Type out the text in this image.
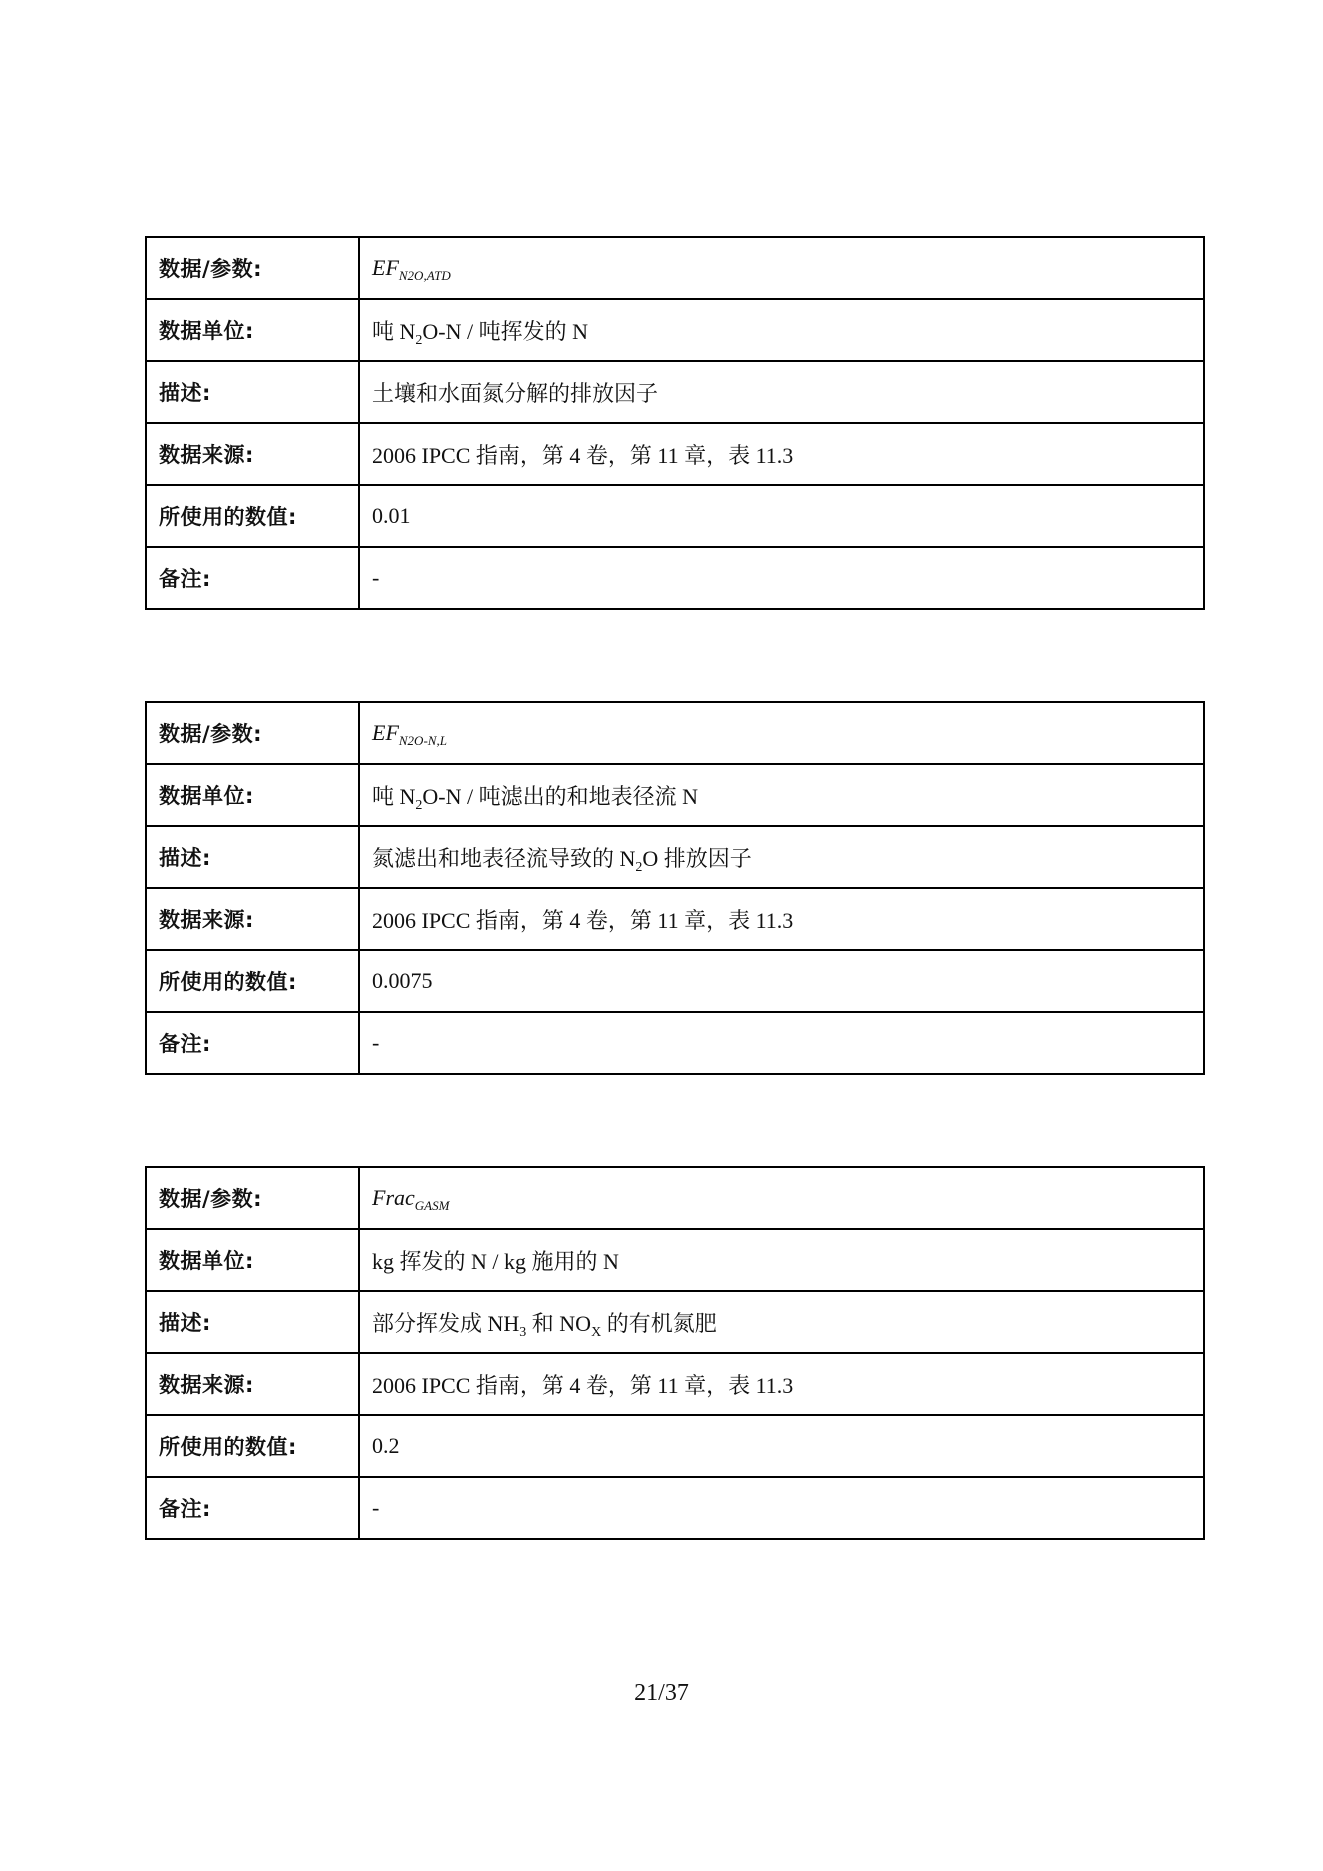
数据/参数:	$EF_{N2O,ATD}$
数据单位:	吨 $N_2O-N$ / 吨挥发的 N
描述:	土壤和水面氮分解的排放因子
数据来源:	2006 IPCC 指南，第 4 卷，第 11 章，表 11.3
所使用的数值:	0.01
备注:	-
数据/参数:	$EF_{N2O-N,L}$
数据单位:	吨 $N_2O-N$ / 吨滤出的和地表径流 N
描述:	氮滤出和地表径流导致的 $N_2O$ 排放因子
数据来源:	2006 IPCC 指南，第 4 卷，第 11 章，表 11.3
所使用的数值:	0.0075
备注:	-
数据/参数:	Frac$_{GASM}$
数据单位:	kg 挥发的 N / kg 施用的 N
描述:	部分挥发成 $NH_3$ 和 $NO_X$ 的有机氮肥
数据来源:	2006 IPCC 指南，第 4 卷，第 11 章，表 11.3
所使用的数值:	0.2
备注:	-
21/37
